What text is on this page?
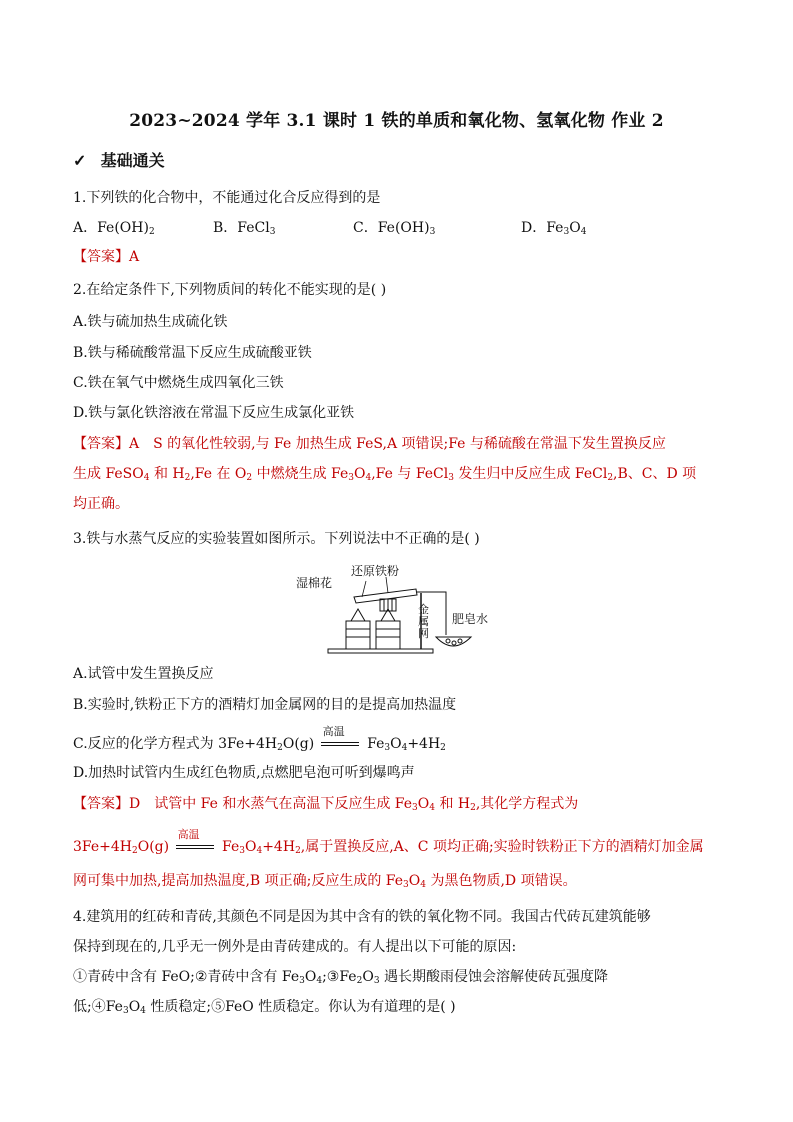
2023~2024 学年 3.1 课时 1 铁的单质和氧化物、氢氧化物 作业 2
✓ 基础通关
1.下列铁的化合物中，不能通过化合反应得到的是
A．$Fe(OH)_2$	B．FeCl$_3$	C．$Fe(OH)_3$	D．$Fe_3O_4$
【答案】A
2.在给定条件下,下列物质间的转化不能实现的是( )
A.铁与硫加热生成硫化铁
B.铁与稀硫酸常温下反应生成硫酸亚铁
C.铁在氧气中燃烧生成四氧化三铁
D.铁与氯化铁溶液在常温下反应生成氯化亚铁
【答案】A　S 的氧化性较弱,与 Fe 加热生成 FeS,A 项错误;Fe 与稀硫酸在常温下发生置换反应
生成 FeSO$_4$ 和 $H_2,Fe$ 在 $O_2$ 中燃烧生成 $Fe_3O_4,Fe$ 与 FeCl$_3$ 发生归中反应生成 FeCl$_2$,B、C、D 项
均正确。
3.铁与水蒸气反应的实验装置如图所示。下列说法中不正确的是( )
湿棉花
还原铁粉
金
属
网
肥皂水
A.试管中发生置换反应
B.实验时,铁粉正下方的酒精灯加金属网的目的是提高加热温度
C.反应的化学方程式为 $3Fe+4H_2O(g)$
高温
$Fe_3O_4+4H_2$
D.加热时试管内生成红色物质,点燃肥皂泡可听到爆鸣声
【答案】D　试管中 Fe 和水蒸气在高温下反应生成 $Fe_3O_4$ 和 $H_2$,其化学方程式为
$3Fe+4H_2O(g)$
高温
$Fe_3O_4+4H_2$,属于置换反应,A、C 项均正确;实验时铁粉正下方的酒精灯加金属
网可集中加热,提高加热温度,B 项正确;反应生成的 $Fe_3O_4$ 为黑色物质,D 项错误。
4.建筑用的红砖和青砖,其颜色不同是因为其中含有的铁的氧化物不同。我国古代砖瓦建筑能够
保持到现在的,几乎无一例外是由青砖建成的。有人提出以下可能的原因:
①青砖中含有 FeO;②青砖中含有 $Fe_3O_4;③Fe_2O_3$ 遇长期酸雨侵蚀会溶解使砖瓦强度降
低$;④Fe_3O_4$ 性质稳定;⑤FeO 性质稳定。你认为有道理的是( )
